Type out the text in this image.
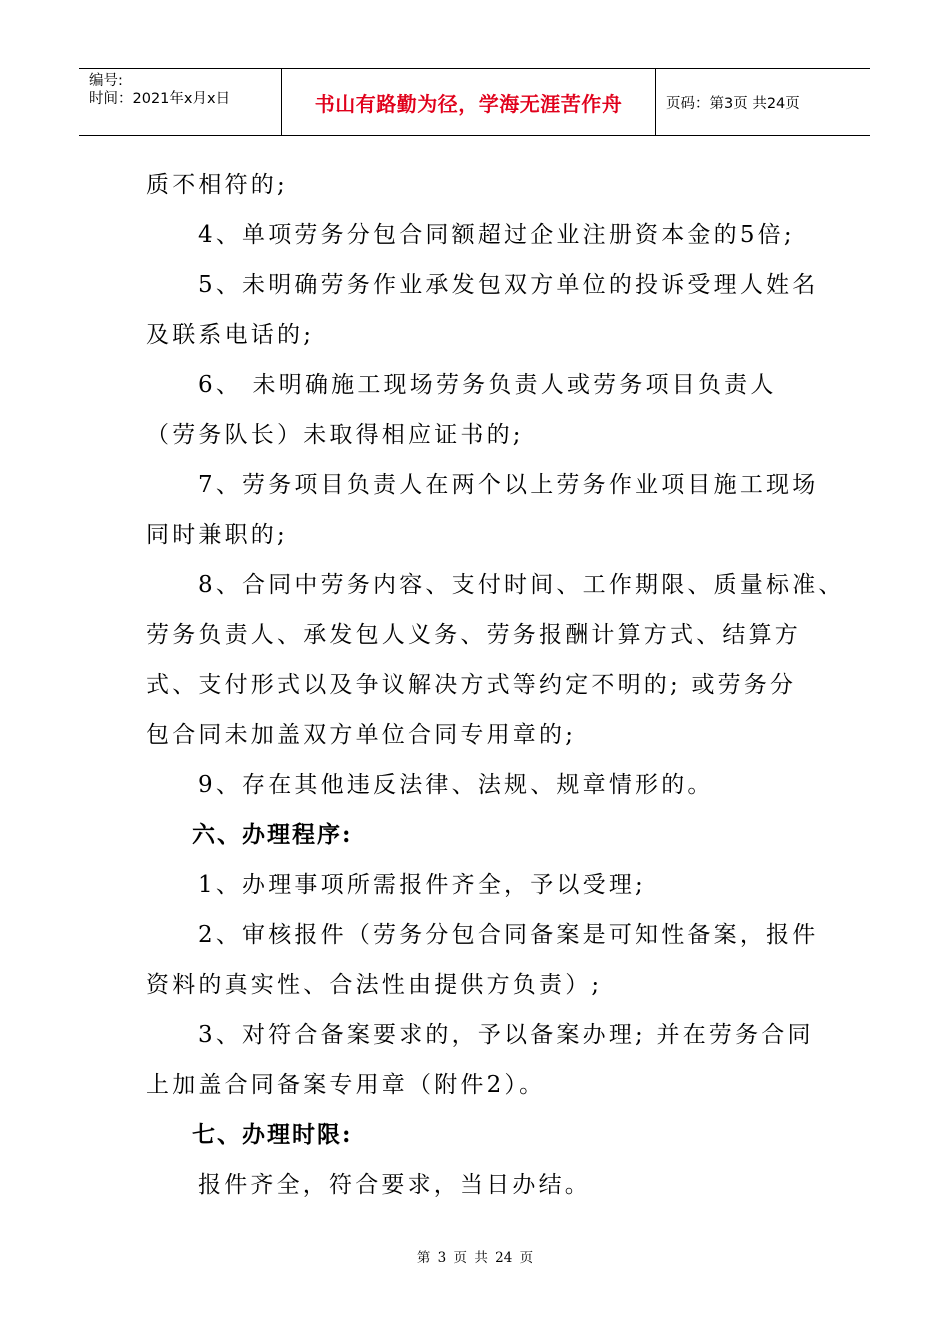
编号:
时间：2021年x月x日	书山有路勤为径，学海无涯苦作舟	页码：第3页 共24页
质不相符的;
4、单项劳务分包合同额超过企业注册资本金的5倍;
5、未明确劳务作业承发包双方单位的投诉受理人姓名
及联系电话的;
6、 未明确施工现场劳务负责人或劳务项目负责人
（劳务队长）未取得相应证书的;
7、劳务项目负责人在两个以上劳务作业项目施工现场
同时兼职的;
8、合同中劳务内容、支付时间、工作期限、质量标准、
劳务负责人、承发包人义务、劳务报酬计算方式、结算方
式、支付形式以及争议解决方式等约定不明的; 或劳务分
包合同未加盖双方单位合同专用章的;
9、存在其他违反法律、法规、规章情形的。
六、办理程序:
1、办理事项所需报件齐全，予以受理;
2、审核报件（劳务分包合同备案是可知性备案，报件
资料的真实性、合法性由提供方负责）;
3、对符合备案要求的，予以备案办理; 并在劳务合同
上加盖合同备案专用章（附件2）。
七、办理时限:
报件齐全，符合要求，当日办结。
第 3 页 共 24 页
